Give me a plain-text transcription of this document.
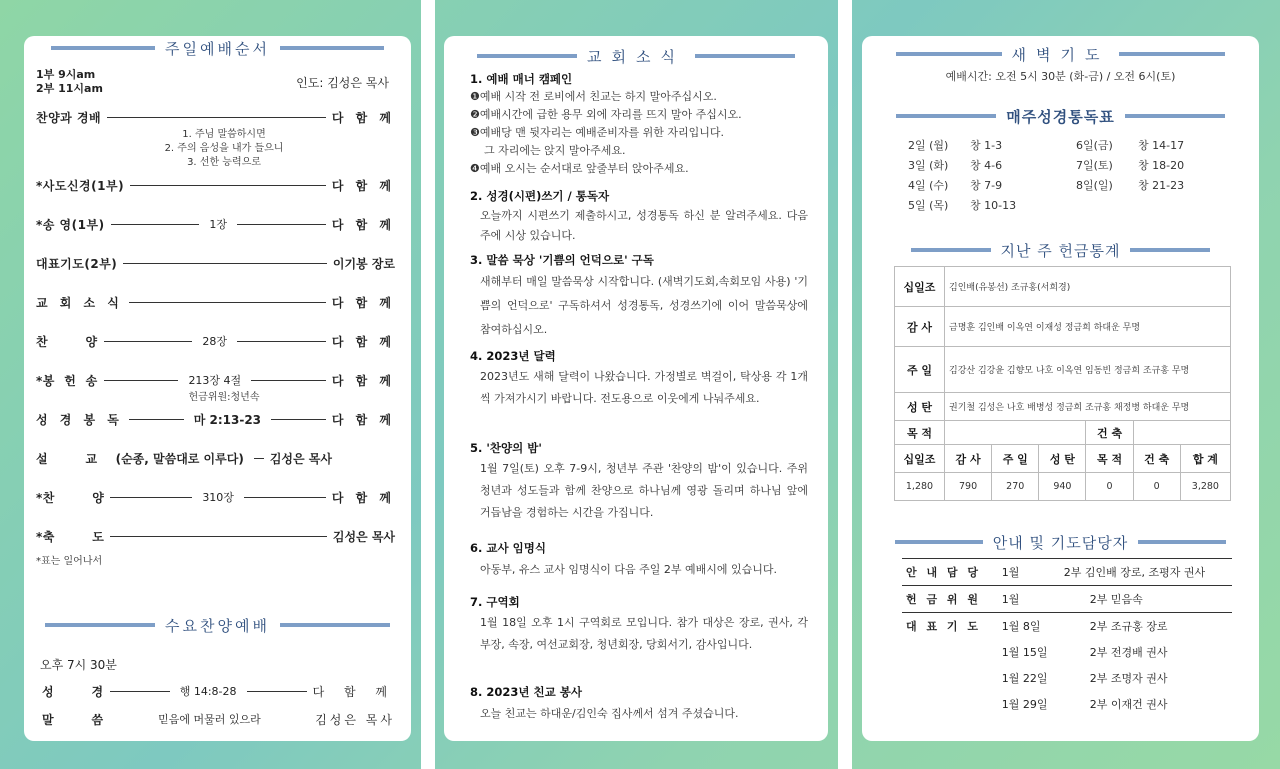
주일예배순서
1부 9시am
2부 11시am	인도: 김성은 목사
찬양과 경배	다 함 께
1. 주님 말씀하시면
2. 주의 음성을 내가 들으니
3. 선한 능력으로
*사도신경(1부)	다 함 께
*송 영(1부)	1장	다 함 께
대표기도(2부)	이기봉 장로
교 회 소 식	다 함 께
찬        양	28장	다 함 께
*봉  헌  송	213장 4절	다 함 께
헌금위원:청년속
성 경 봉 독	마 2:13-23	다 함 께
설        교	(순종, 말씀대로 이루다)	김성은 목사
*찬        양	310장	다 함 께
*축        도	김성은 목사
*표는 일어나서
수요찬양예배
오후 7시 30분
성        경	행 14:8-28	다 함 께
말        씀	믿음에 머물러 있으라	김성은 목사
교회소식
1. 예배 매너 캠페인
❶예배 시작 전 로비에서 친교는 하지 말아주십시오.
❷예배시간에 급한 용무 외에 자리를 뜨지 말아 주십시오.
❸예배당 맨 뒷자리는 예배준비자를 위한 자리입니다.
그 자리에는 앉지 말아주세요.
❹예배 오시는 순서대로 앞줄부터 앉아주세요.
2. 성경(시편)쓰기 / 통독자

오늘까지 시편쓰기 제출하시고, 성경통독 하신 분 알려주세요. 다음 주에 시상 있습니다.

3. 말씀 묵상 '기쁨의 언덕으로' 구독

새해부터 매일 말씀묵상 시작합니다. (새벽기도회,속회모임 사용) '기쁨의 언덕으로' 구독하셔서 성경통독, 성경쓰기에 이어 말씀묵상에 참여하십시오.

4. 2023년 달력

2023년도 새해 달력이 나왔습니다. 가정별로 벽걸이, 탁상용 각 1개씩 가져가시기 바랍니다. 전도용으로 이웃에게 나눠주세요.

5. '찬양의 밤'

1월 7일(토) 오후 7-9시, 청년부 주관 '찬양의 밤'이 있습니다. 주위 청년과 성도들과 함께 찬양으로 하나님께 영광 돌리며 하나님 앞에 거듭남을 경험하는 시간을 가집니다.

6. 교사 임명식

아동부, 유스 교사 임명식이 다음 주일 2부 예배시에 있습니다.

7. 구역회

1월 18일 오후 1시 구역회로 모입니다. 참가 대상은 장로, 권사, 각 부장, 속장, 여선교회장, 청년회장, 당회서기, 감사입니다.

8. 2023년 친교 봉사

오늘 친교는 하대운/김인숙 집사께서 섬겨 주셨습니다.

새벽기도
예배시간: 오전 5시 30분 (화-금) / 오전 6시(토)
매주성경통독표
2일 (월)	창 1-3
3일 (화)	창 4-6
4일 (수)	창 7-9
5일 (목)	창 10-13
6일(금)	창 14-17
7일(토)	창 18-20
8일(일)	창 21-23
지난 주 헌금통계
십일조	김인배(유봉선) 조규홍(서희경)					
감 사	금명훈 김인배 이옥연 이재성 정금희 하대운 무명					
주 일	김강산 김강윤 김향모 나호 이옥연 임동빈 정금희 조규홍 무명					
성 탄	권기철 김성은 나호 배병성 정금희 조규홍 채정병 하대운 무명					
목 적				건 축		
십일조	감 사	주 일	성 탄	목 적	건 축	합 계
1,280	790	270	940	0	0	3,280
안내 및 기도담당자
안 내 담 당	1월	2부 김인배 장로, 조평자 권사
헌 금 위 원	1월	2부 믿음속
대 표 기 도	1월 8일	2부 조규홍 장로
	1월 15일	2부 전경배 권사
	1월 22일	2부 조명자 권사
	1월 29일	2부 이재건 권사
